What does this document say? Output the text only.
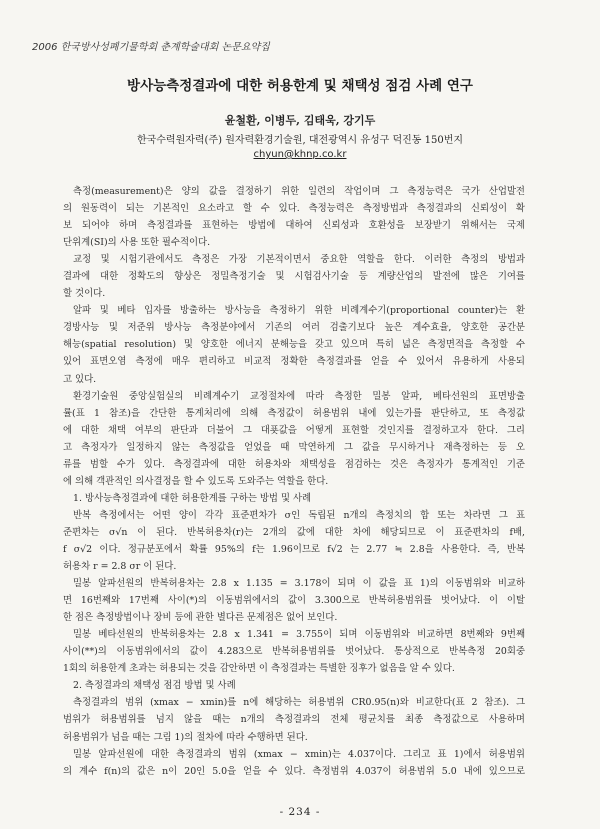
2006 한국방사성폐기물학회 춘계학술대회 논문요약집
방사능측정결과에 대한 허용한계 및 채택성 점검 사례 연구
윤철환, 이병두, 김태욱, 강기두
한국수력원자력(주) 원자력환경기술원, 대전광역시 유성구 덕진동 150번지
chyun@khnp.co.kr
측정(measurement)은 양의 값을 결정하기 위한 일련의 작업이며 그 측정능력은 국가 산업발전
의 원동력이 되는 기본적인 요소라고 할 수 있다. 측정능력은 측정방법과 측정결과의 신뢰성이 확
보 되어야 하며 측정결과를 표현하는 방법에 대하여 신뢰성과 호환성을 보장받기 위해서는 국제
단위계(SI)의 사용 또한 필수적이다.
교정 및 시험기관에서도 측정은 가장 기본적이면서 중요한 역할을 한다. 이러한 측정의 방법과
결과에 대한 정확도의 향상은 정밀측정기술 및 시험검사기술 등 계량산업의 발전에 많은 기여를
할 것이다.
알파 및 베타 입자를 방출하는 방사능을 측정하기 위한 비례계수기(proportional counter)는 환
경방사능 및 저준위 방사능 측정분야에서 기존의 여러 검출기보다 높은 계수효율, 양호한 공간분
해능(spatial resolution) 및 양호한 에너지 분해능을 갖고 있으며 특히 넓은 측정면적을 측정할 수
있어 표면오염 측정에 매우 편리하고 비교적 정확한 측정결과를 얻을 수 있어서 유용하게 사용되
고 있다.
환경기술원 중앙실험실의 비례계수기 교정절차에 따라 측정한 밀봉 알파, 베타선원의 표면방출
률(표 1 참조)을 간단한 통계처리에 의해 측정값이 허용범위 내에 있는가를 판단하고, 또 측정값
에 대한 채택 여부의 판단과 더불어 그 대푯값을 어떻게 표현할 것인지를 결정하고자 한다. 그리
고 측정자가 일정하지 않는 측정값을 얻었을 때 막연하게 그 값을 무시하거나 재측정하는 등 오
류를 범할 수가 있다. 측정결과에 대한 허용차와 채택성을 점검하는 것은 측정자가 통계적인 기준
에 의해 객관적인 의사결정을 할 수 있도록 도와주는 역할을 한다.
1. 방사능측정결과에 대한 허용한계를 구하는 방법 및 사례
반복 측정에서는 어떤 양이 각각 표준편차가 σ인 독립된 n개의 측정치의 합 또는 차라면 그 표
준편차는 σ√n 이 된다. 반복허용차(r)는 2개의 값에 대한 차에 해당되므로 이 표준편차의 f배,
f σ√2 이다. 정규분포에서 확률 95%의 f는 1.96이므로 f√2 는 2.77 ≒ 2.8을 사용한다. 즉, 반복
허용차 r = 2.8 σr 이 된다.
밀봉 알파선원의 반복허용차는 2.8 x 1.135 = 3.178이 되며 이 값을 표 1)의 이동범위와 비교하
면 16번째와 17번째 사이(*)의 이동범위에서의 값이 3.300으로 반복허용범위를 벗어났다. 이 이탈
한 점은 측정방법이나 장비 등에 관한 별다른 문제점은 없어 보인다.
밀봉 베타선원의 반복허용차는 2.8 x 1.341 = 3.755이 되며 이동범위와 비교하면 8번째와 9번째
사이(**)의 이동범위에서의 값이 4.283으로 반복허용범위를 벗어났다. 통상적으로 반복측정 20회중
1회의 허용한계 초과는 허용되는 것을 감안하면 이 측정결과는 특별한 징후가 없음을 알 수 있다.
2. 측정결과의 채택성 점검 방법 및 사례
측정결과의 범위 (xmax − xmin)를 n에 해당하는 허용범위 CR0.95(n)와 비교한다(표 2 참조). 그
범위가 허용범위를 넘지 않을 때는 n개의 측정결과의 전체 평균치를 최종 측정값으로 사용하며
허용범위가 넘을 때는 그림 1)의 절차에 따라 수행하면 된다.
밀봉 알파선원에 대한 측정결과의 범위 (xmax − xmin)는 4.037이다. 그리고 표 1)에서 허용범위
의 계수 f(n)의 값은 n이 20인 5.0을 얻을 수 있다. 측정범위 4.037이 허용범위 5.0 내에 있으므로
- 234 -
